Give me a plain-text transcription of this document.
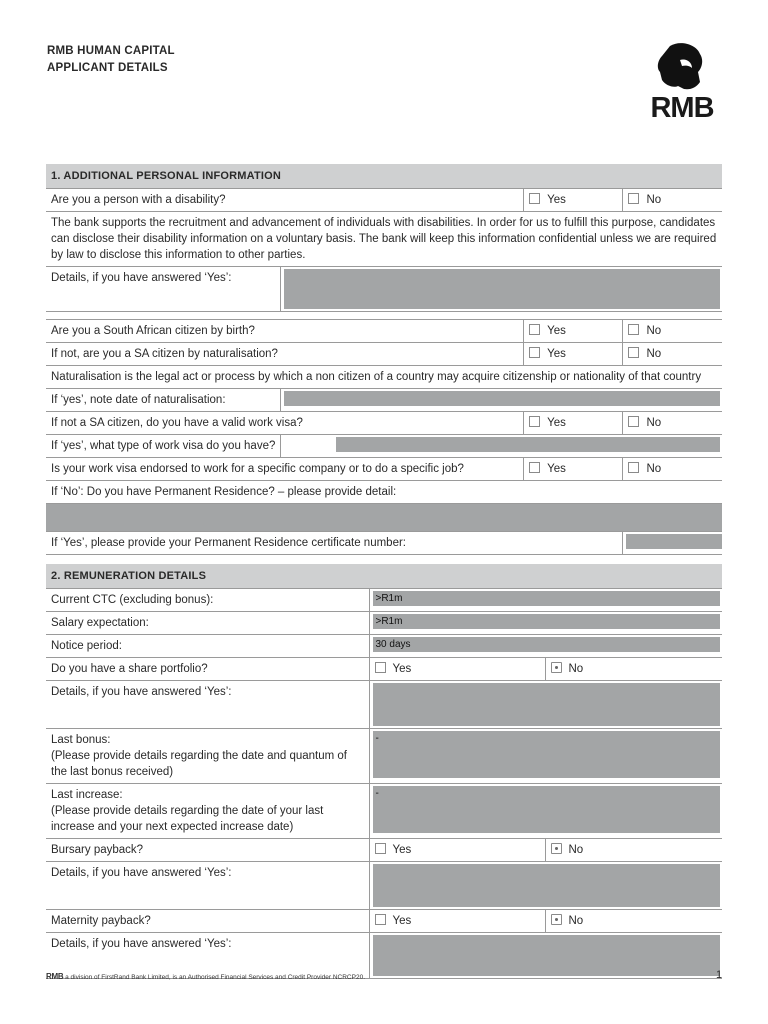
RMB HUMAN CAPITAL
APPLICANT DETAILS
RMB
1. ADDITIONAL PERSONAL INFORMATION			
Are you a person with a disability?		Yes	No
The bank supports the recruitment and advancement of individuals with disabilities. In order for us to fulfill this purpose, candidates can disclose their disability information on a voluntary basis. The bank will keep this information confidential unless we are required by law to disclose this information to other parties.			
Details, if you have answered ‘Yes’:			

Are you a South African citizen by birth?		Yes	No
If not, are you a SA citizen by naturalisation?		Yes	No
Naturalisation is the legal act or process by which a non citizen of a country may acquire citizenship or nationality of that country			
If ‘yes’, note date of naturalisation:			

If not a SA citizen, do you have a valid work visa?		Yes	No
If ‘yes’, what type of work visa do you have?			

Is your work visa endorsed to work for a specific company or to do a specific job?		Yes	No
If ‘No’: Do you have Permanent Residence? – please provide detail:			

If ‘Yes’, please provide your Permanent Residence certificate number:			
2. REMUNERATION DETAILS		
Current CTC (excluding bonus):	>R1m	

Salary expectation:	>R1m	

Notice period:	30 days	

Do you have a share portfolio?	Yes	No
Details, if you have answered ‘Yes’:		

Last bonus:
(Please provide details regarding the date and quantum of the last bonus received)	-	

Last increase:
(Please provide details regarding the date of your last increase and your next expected increase date)	-	

Bursary payback?	Yes	No
Details, if you have answered ‘Yes’:		

Maternity payback?	Yes	No
Details, if you have answered ‘Yes’:		
RMB a division of FirstRand Bank Limited, is an Authorised Financial Services and Credit Provider NCRCP20.	1
